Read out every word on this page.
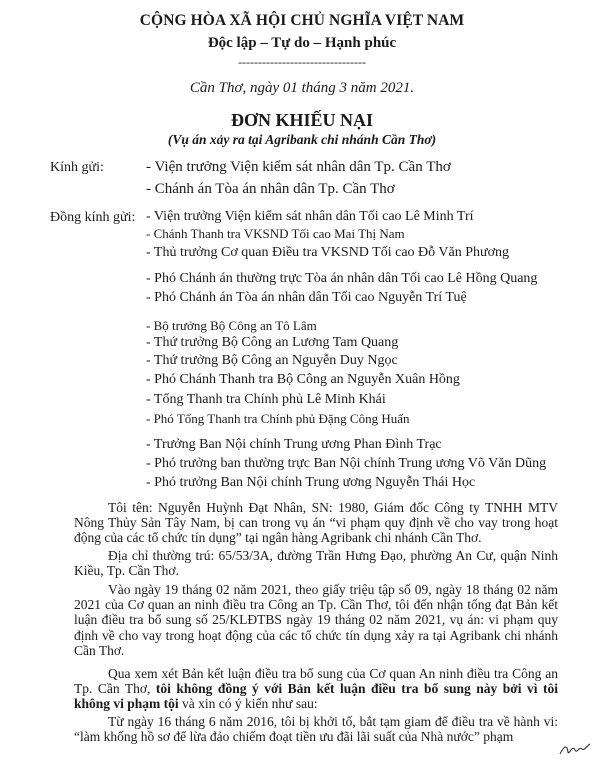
CỘNG HÒA XÃ HỘI CHỦ NGHĨA VIỆT NAM
Độc lập – Tự do – Hạnh phúc
--------------------------------
Cần Thơ, ngày 01 tháng 3 năm 2021.
ĐƠN KHIẾU NẠI
(Vụ án xảy ra tại Agribank chi nhánh Cần Thơ)
Kính gửi:	- Viện trưởng Viện kiểm sát nhân dân Tp. Cần Thơ
- Chánh án Tòa án nhân dân Tp. Cần Thơ
Đồng kính gửi: - Viện trưởng Viện kiểm sát nhân dân Tối cao Lê Minh Trí
- Chánh Thanh tra VKSND Tối cao Mai Thị Nam
- Thủ trưởng Cơ quan Điều tra VKSND Tối cao Đỗ Văn Phương
- Phó Chánh án thường trực Tòa án nhân dân Tối cao Lê Hồng Quang
- Phó Chánh án Tòa án nhân dân Tối cao Nguyễn Trí Tuệ
- Bộ trưởng Bộ Công an Tô Lâm
- Thứ trưởng Bộ Công an Lương Tam Quang
- Thứ trưởng Bộ Công an Nguyễn Duy Ngọc
- Phó Chánh Thanh tra Bộ Công an Nguyễn Xuân Hồng
- Tổng Thanh tra Chính phủ Lê Minh Khái
- Phó Tổng Thanh tra Chính phủ Đặng Công Huấn
- Trưởng Ban Nội chính Trung ương Phan Đình Trạc
- Phó trưởng ban thường trực Ban Nội chính Trung ương Võ Văn Dũng
- Phó trưởng Ban Nội chính Trung ương Nguyễn Thái Học
Tôi tên: Nguyễn Huỳnh Đạt Nhân, SN: 1980, Giám đốc Công ty TNHH MTV Nông Thủy Sản Tây Nam, bị can trong vụ án “vi phạm quy định về cho vay trong hoạt động của các tổ chức tín dụng” tại ngân hàng Agribank chi nhánh Cần Thơ.
Địa chỉ thường trú: 65/53/3A, đường Trần Hưng Đạo, phường An Cư, quận Ninh Kiều, Tp. Cần Thơ.
Vào ngày 19 tháng 02 năm 2021, theo giấy triệu tập số 09, ngày 18 tháng 02 năm 2021 của Cơ quan an ninh điều tra Công an Tp. Cần Thơ, tôi đến nhận tống đạt Bản kết luận điều tra bổ sung số 25/KLĐTBS ngày 19 tháng 02 năm 2021, vụ án: vi phạm quy định về cho vay trong hoạt động của các tổ chức tín dụng xảy ra tại Agribank chi nhánh Cần Thơ.
Qua xem xét Bản kết luận điều tra bổ sung của Cơ quan An ninh điều tra Công an Tp. Cần Thơ, tôi không đồng ý với Bản kết luận điều tra bổ sung này bởi vì tôi không vi phạm tội và xin có ý kiến như sau:
Từ ngày 16 tháng 6 năm 2016, tôi bị khởi tố, bắt tạm giam để điều tra về hành vi: “làm khống hồ sơ để lừa đảo chiếm đoạt tiền ưu đãi lãi suất của Nhà nước” phạm
